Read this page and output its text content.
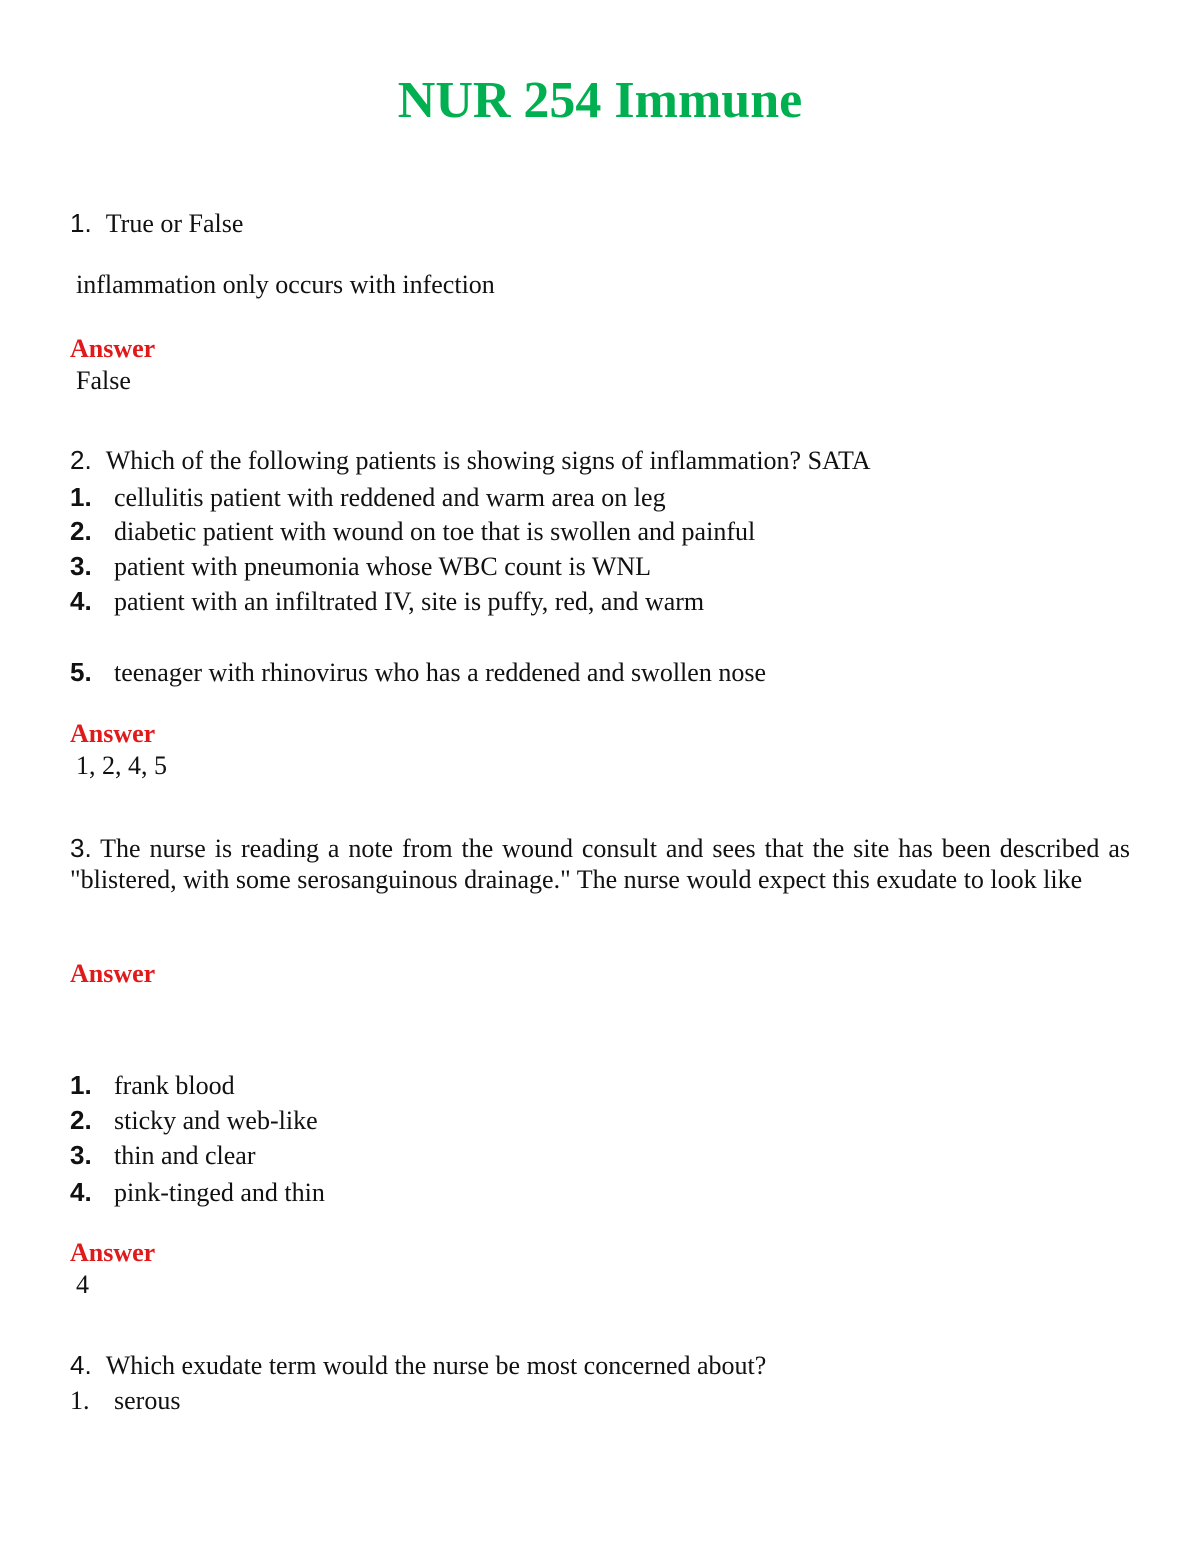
NUR 254 Immune
1. True or False
inflammation only occurs with infection
Answer
False
2. Which of the following patients is showing signs of inflammation? SATA
1. cellulitis patient with reddened and warm area on leg
2. diabetic patient with wound on toe that is swollen and painful
3. patient with pneumonia whose WBC count is WNL
4. patient with an infiltrated IV, site is puffy, red, and warm
5. teenager with rhinovirus who has a reddened and swollen nose
Answer
1, 2, 4, 5
3. The nurse is reading a note from the wound consult and sees that the site has been described as "blistered, with some serosanguinous drainage." The nurse would expect this exudate to look like
Answer
1. frank blood
2. sticky and web-like
3. thin and clear
4. pink-tinged and thin
Answer
4
4. Which exudate term would the nurse be most concerned about?
1. serous
